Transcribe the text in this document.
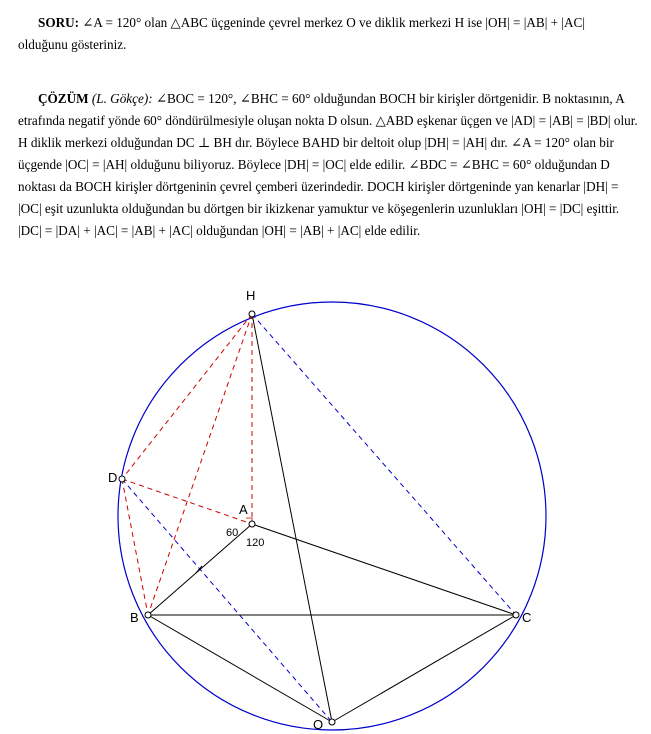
SORU: ∠A = 120° olan △ABC üçgeninde çevrel merkez O ve diklik merkezi H ise |OH| = |AB| + |AC| olduğunu gösteriniz.
ÇÖZÜM (L. Gökçe): ∠BOC = 120°, ∠BHC = 60° olduğundan BOCH bir kirişler dörtgenidir. B noktasının, A etrafında negatif yönde 60° döndürülmesiyle oluşan nokta D olsun. △ABD eşkenar üçgen ve |AD| = |AB| = |BD| olur. H diklik merkezi olduğundan DC ⊥ BH dır. Böylece BAHD bir deltoit olup |DH| = |AH| dır. ∠A = 120° olan bir üçgende |OC| = |AH| olduğunu biliyoruz. Böylece |DH| = |OC| elde edilir. ∠BDC = ∠BHC = 60° olduğundan D noktası da BOCH kirişler dörtgeninin çevrel çemberi üzerindedir. DOCH kirişler dörtgeninde yan kenarlar |DH| = |OC| eşit uzunlukta olduğundan bu dörtgen bir ikizkenar yamuktur ve köşegenlerin uzunlukları |OH| = |DC| eşittir. |DC| = |DA| + |AC| = |AB| + |AC| olduğundan |OH| = |AB| + |AC| elde edilir.
H
D
A
B	C
O
60
120
